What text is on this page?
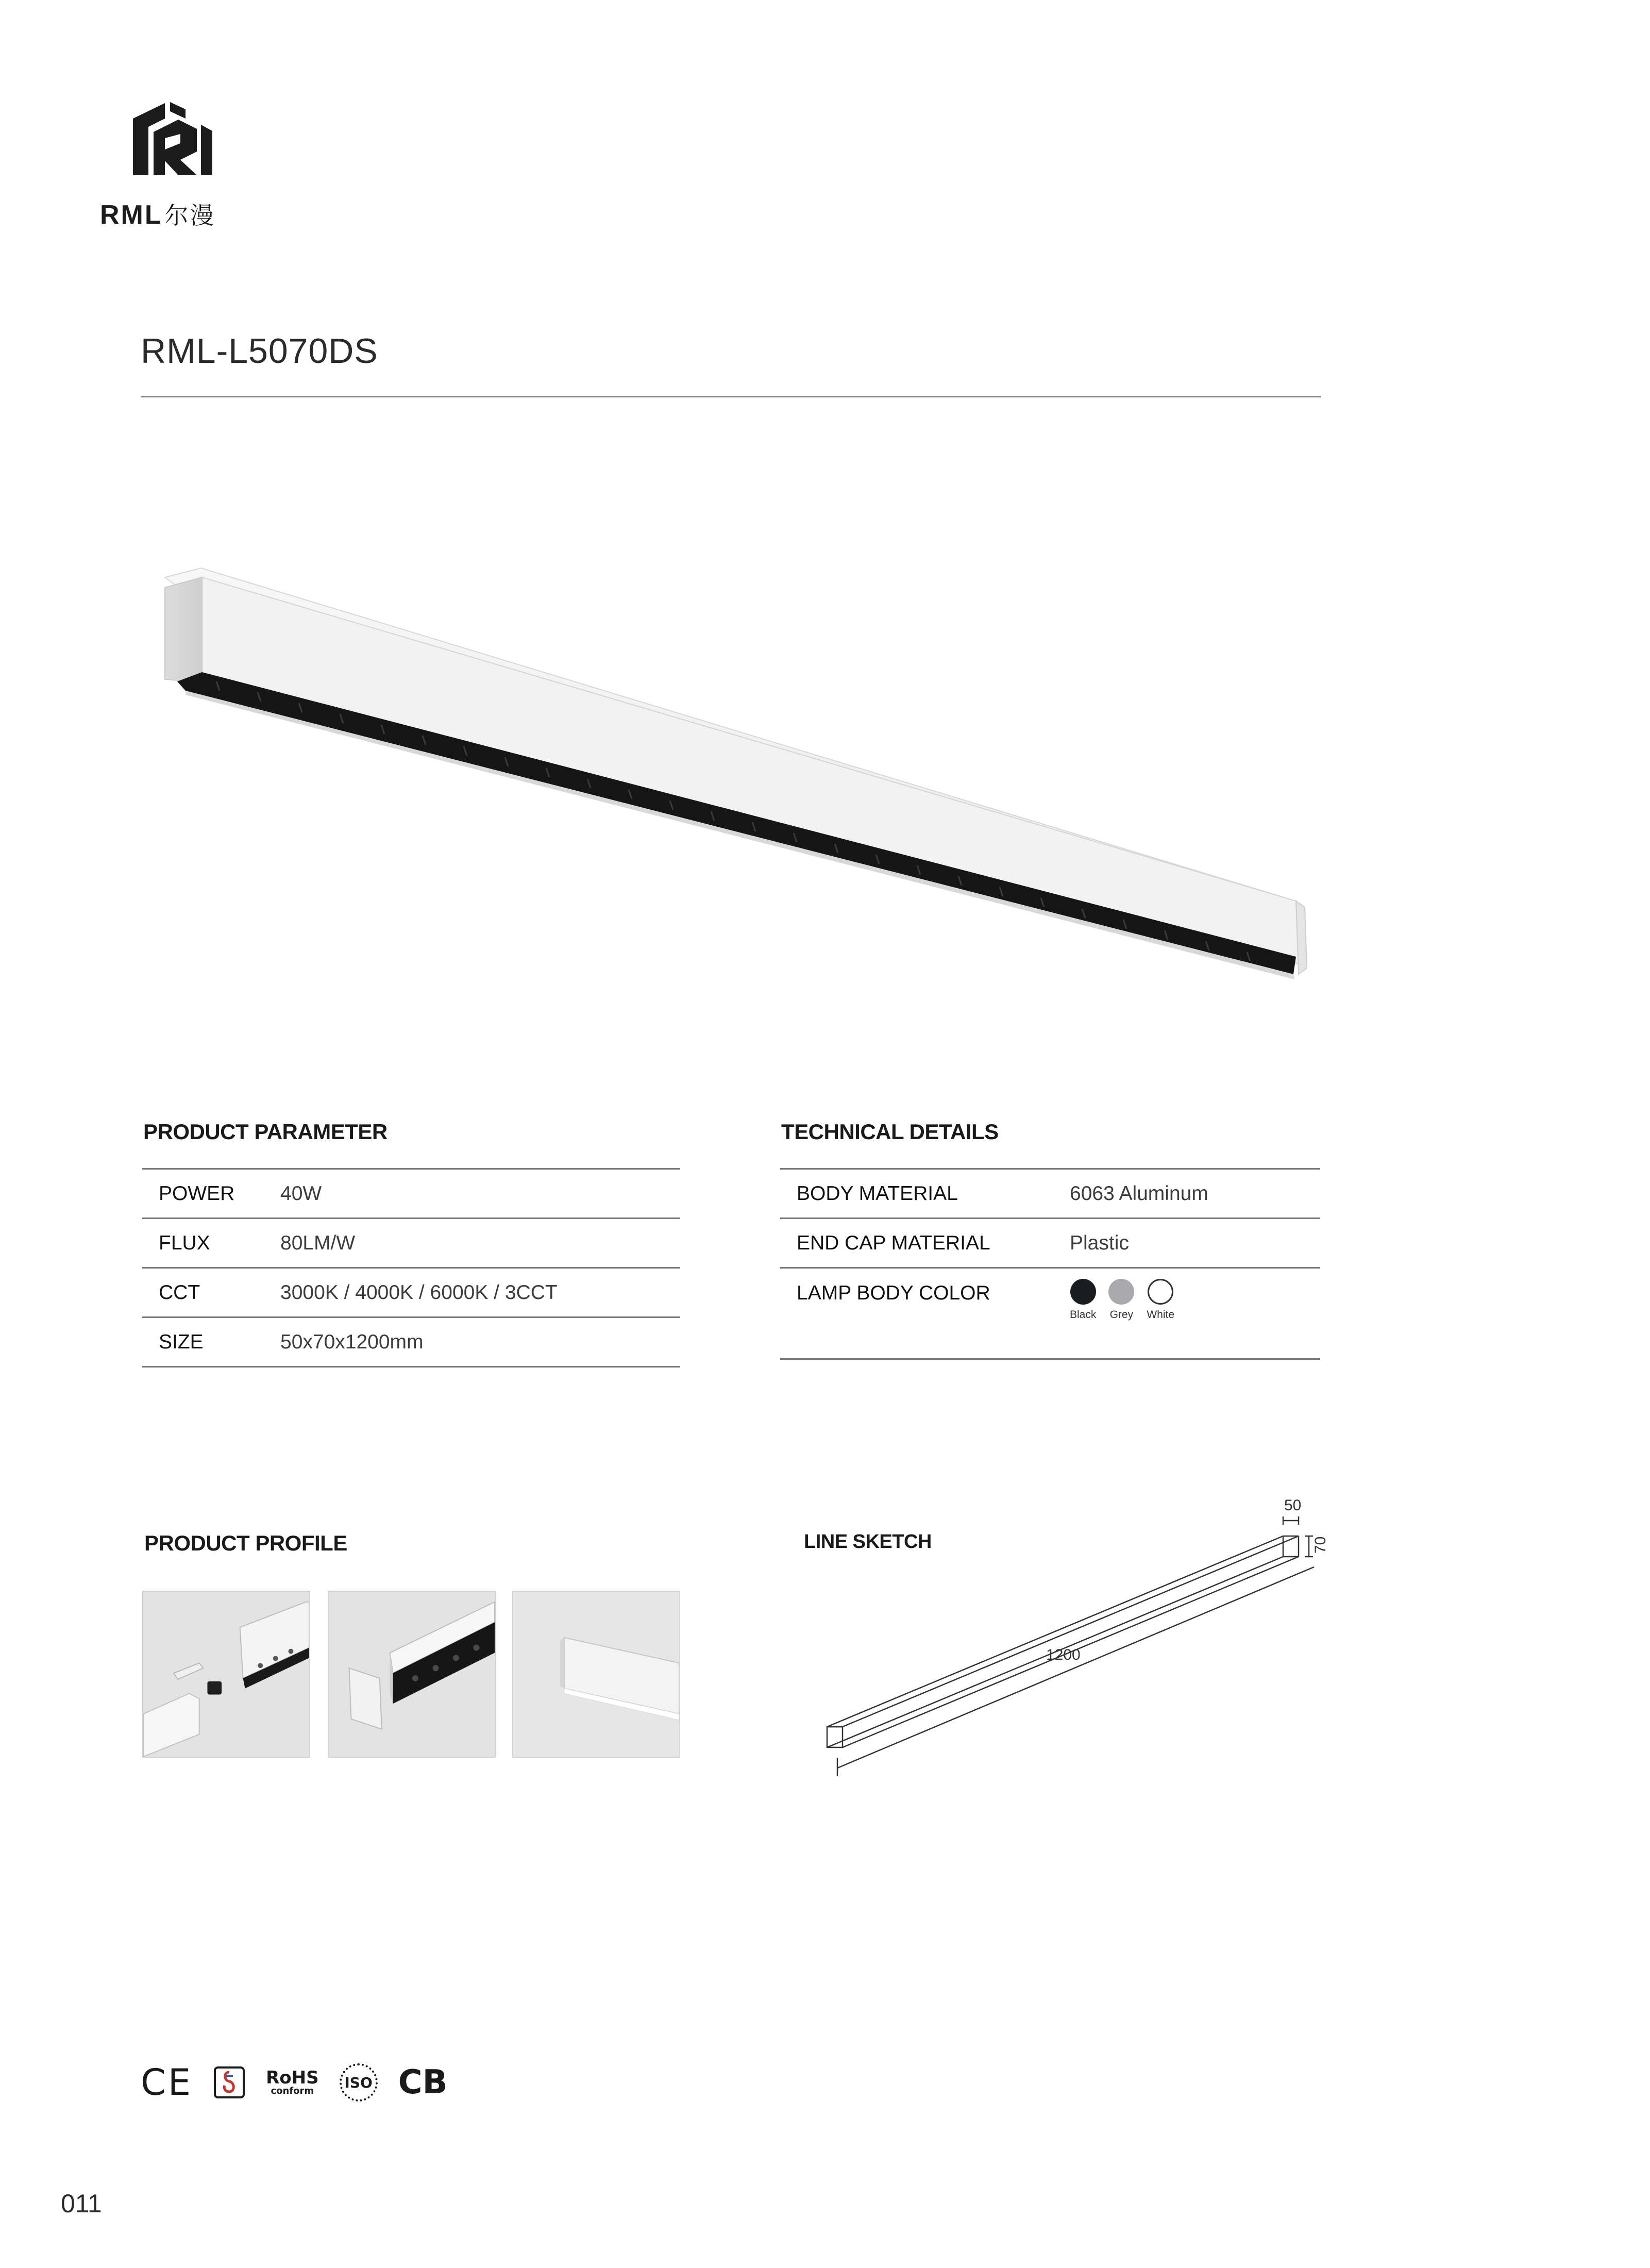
RML尔漫
RML-L5070DS
PRODUCT PARAMETER
POWER	40W
FLUX	80LM/W
CCT	3000K / 4000K / 6000K / 3CCT
SIZE	50x70x1200mm
TECHNICAL DETAILS
BODY MATERIAL	6063 Aluminum
END CAP MATERIAL	Plastic
LAMP BODY COLOR	Black Grey White
PRODUCT PROFILE	LINE SKETCH
50
70
1200
CE	RoHS
conform ISO CB
011
